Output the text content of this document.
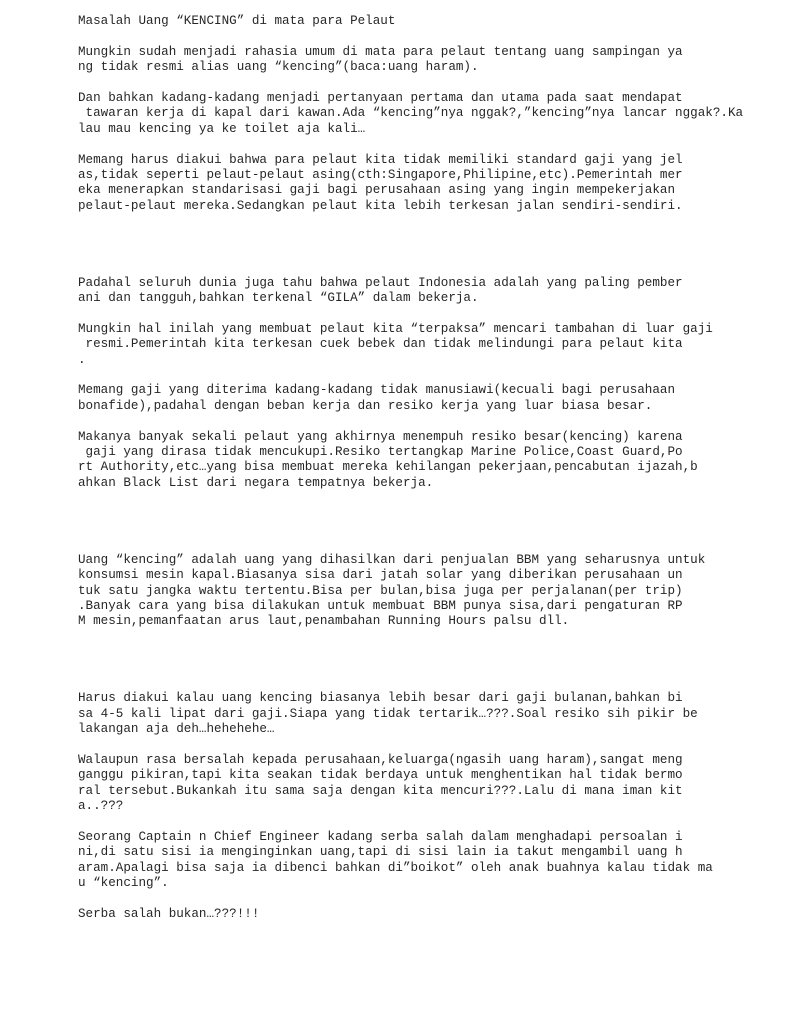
Masalah Uang “KENCING” di mata para Pelaut
Mungkin sudah menjadi rahasia umum di mata para pelaut tentang uang sampingan ya
ng tidak resmi alias uang “kencing”(baca:uang haram).
Dan bahkan kadang-kadang menjadi pertanyaan pertama dan utama pada saat mendapat
tawaran kerja di kapal dari kawan.Ada “kencing”nya nggak?,”kencing”nya lancar nggak?.Ka
lau mau kencing ya ke toilet aja kali…
Memang harus diakui bahwa para pelaut kita tidak memiliki standard gaji yang jel
as,tidak seperti pelaut-pelaut asing(cth:Singapore,Philipine,etc).Pemerintah mer
eka menerapkan standarisasi gaji bagi perusahaan asing yang ingin mempekerjakan
pelaut-pelaut mereka.Sedangkan pelaut kita lebih terkesan jalan sendiri-sendiri.
Padahal seluruh dunia juga tahu bahwa pelaut Indonesia adalah yang paling pember
ani dan tangguh,bahkan terkenal “GILA” dalam bekerja.
Mungkin hal inilah yang membuat pelaut kita “terpaksa” mencari tambahan di luar gaji
resmi.Pemerintah kita terkesan cuek bebek dan tidak melindungi para pelaut kita
.
Memang gaji yang diterima kadang-kadang tidak manusiawi(kecuali bagi perusahaan
bonafide),padahal dengan beban kerja dan resiko kerja yang luar biasa besar.
Makanya banyak sekali pelaut yang akhirnya menempuh resiko besar(kencing) karena
gaji yang dirasa tidak mencukupi.Resiko tertangkap Marine Police,Coast Guard,Po
rt Authority,etc…yang bisa membuat mereka kehilangan pekerjaan,pencabutan ijazah,b
ahkan Black List dari negara tempatnya bekerja.
Uang “kencing” adalah uang yang dihasilkan dari penjualan BBM yang seharusnya untuk
konsumsi mesin kapal.Biasanya sisa dari jatah solar yang diberikan perusahaan un
tuk satu jangka waktu tertentu.Bisa per bulan,bisa juga per perjalanan(per trip)
.Banyak cara yang bisa dilakukan untuk membuat BBM punya sisa,dari pengaturan RP
M mesin,pemanfaatan arus laut,penambahan Running Hours palsu dll.
Harus diakui kalau uang kencing biasanya lebih besar dari gaji bulanan,bahkan bi
sa 4-5 kali lipat dari gaji.Siapa yang tidak tertarik…???.Soal resiko sih pikir be
lakangan aja deh…hehehehe…
Walaupun rasa bersalah kepada perusahaan,keluarga(ngasih uang haram),sangat meng
ganggu pikiran,tapi kita seakan tidak berdaya untuk menghentikan hal tidak bermo
ral tersebut.Bukankah itu sama saja dengan kita mencuri???.Lalu di mana iman kit
a..???
Seorang Captain n Chief Engineer kadang serba salah dalam menghadapi persoalan i
ni,di satu sisi ia menginginkan uang,tapi di sisi lain ia takut mengambil uang h
aram.Apalagi bisa saja ia dibenci bahkan di”boikot” oleh anak buahnya kalau tidak ma
u “kencing”.
Serba salah bukan…???!!!
